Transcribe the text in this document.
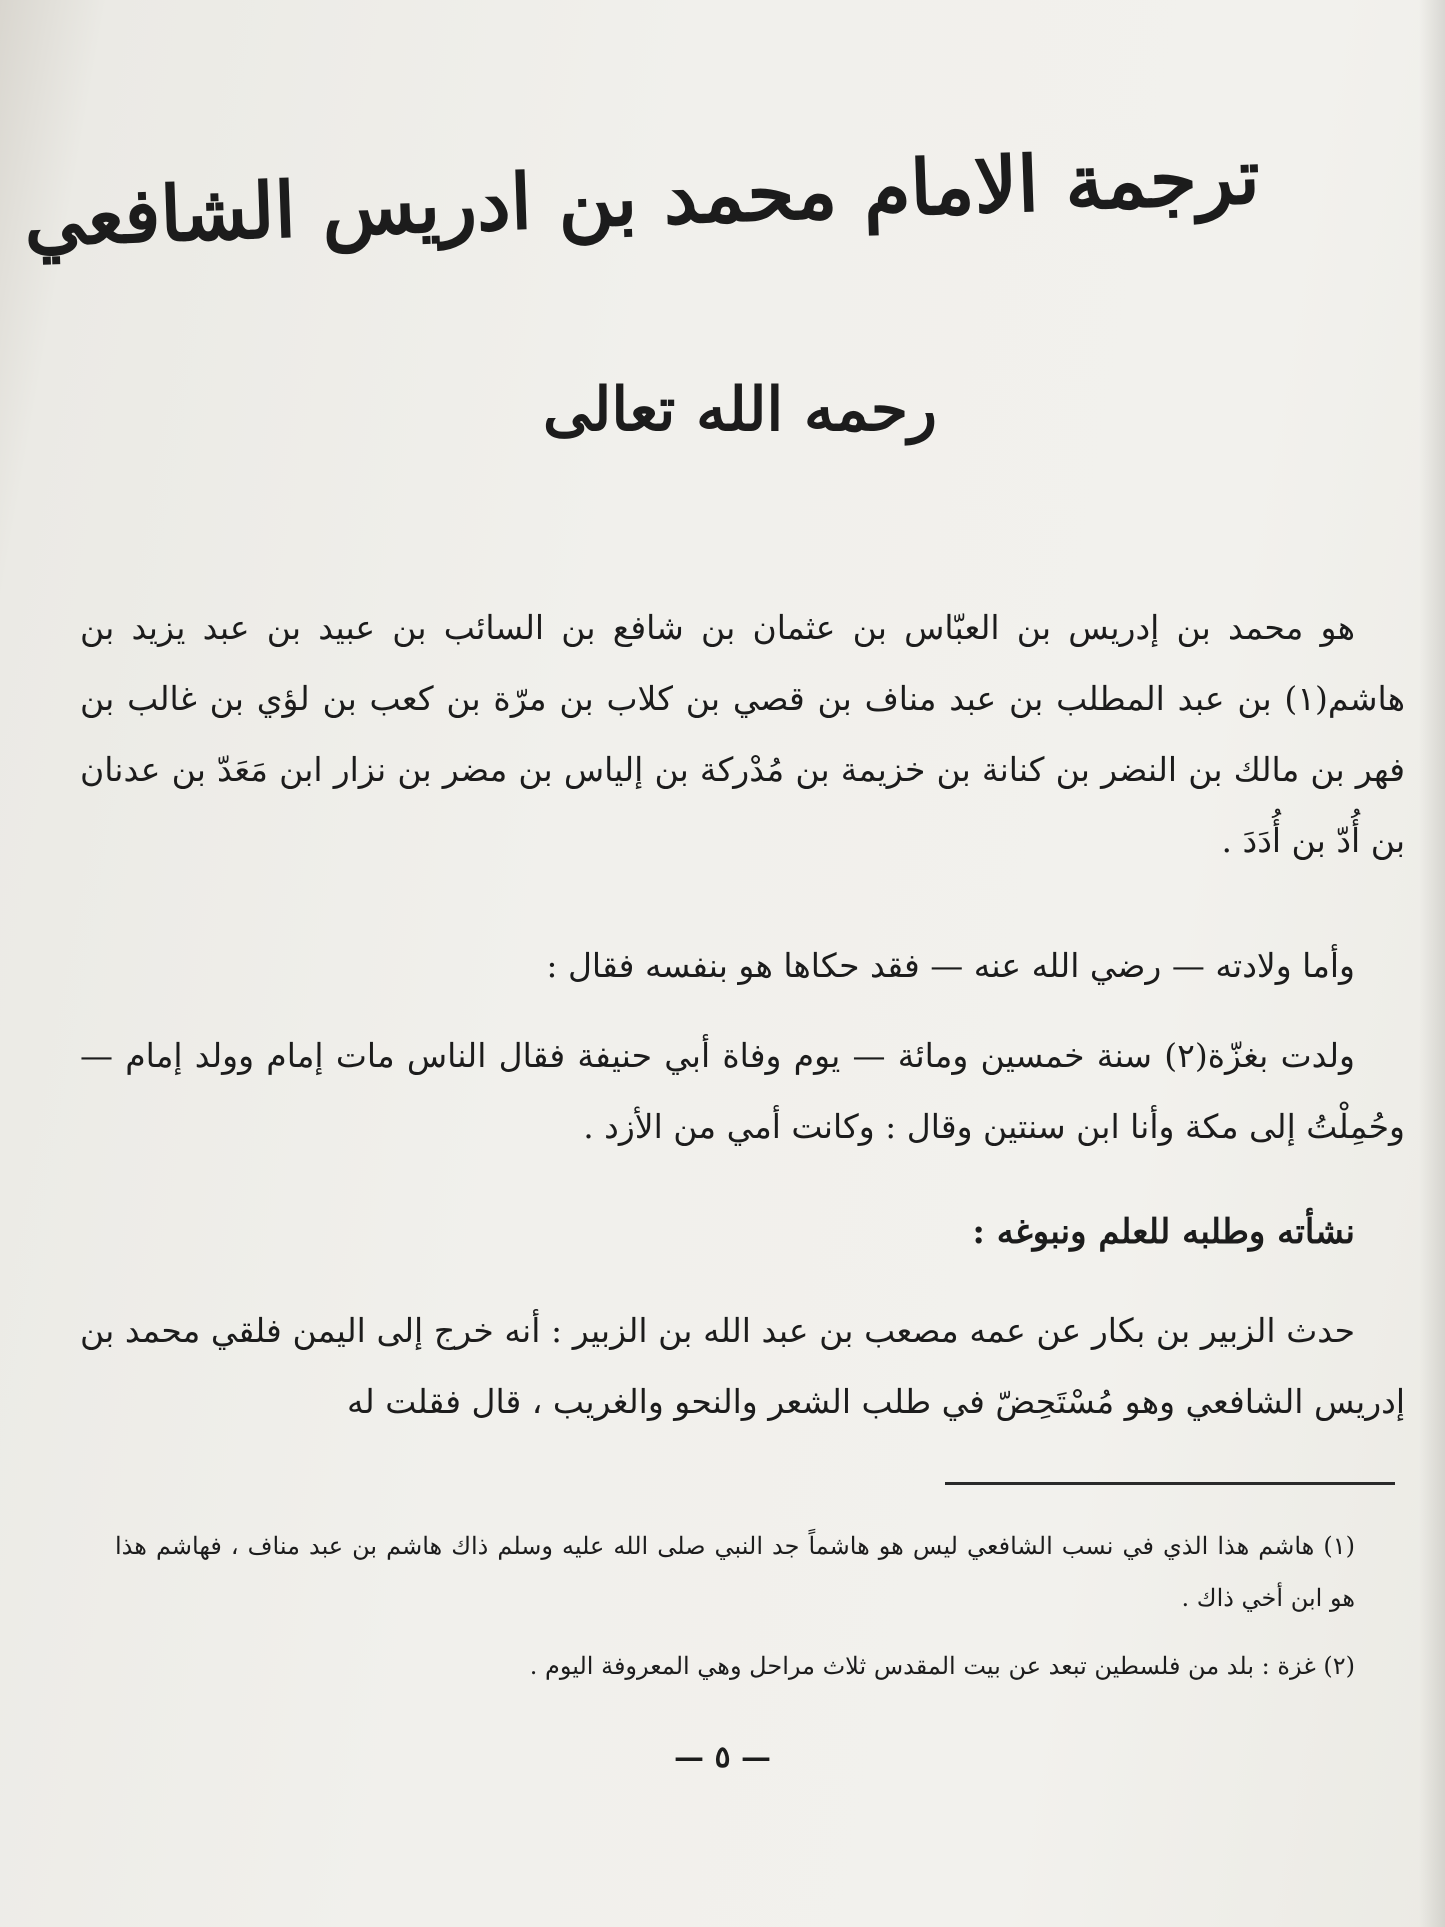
ترجمة الامام محمد بن ادريس الشافعي
رحمه الله تعالى

هو محمد بن إدريس بن العبّاس بن عثمان بن شافع بن السائب بن عبيد بن عبد يزيد بن هاشم(١) بن عبد المطلب بن عبد مناف بن قصي بن كلاب بن مرّة بن كعب بن لؤي بن غالب بن فهر بن مالك بن النضر بن كنانة بن خزيمة بن مُدْركة بن إلياس بن مضر بن نزار ابن مَعَدّ بن عدنان بن أُدّ بن أُدَدَ .

وأما ولادته — رضي الله عنه — فقد حكاها هو بنفسه فقال :

ولدت بغزّة(٢) سنة خمسين ومائة — يوم وفاة أبي حنيفة فقال الناس مات إمام وولد إمام — وحُمِلْتُ إلى مكة وأنا ابن سنتين وقال : وكانت أمي من الأزد .

نشأته وطلبه للعلم ونبوغه :

حدث الزبير بن بكار عن عمه مصعب بن عبد الله بن الزبير : أنه خرج إلى اليمن فلقي محمد بن إدريس الشافعي وهو مُسْتَحِضّ في طلب الشعر والنحو والغريب ، قال فقلت له

(١) هاشم هذا الذي في نسب الشافعي ليس هو هاشماً جد النبي صلى الله عليه وسلم ذاك هاشم بن عبد مناف ، فهاشم هذا هو ابن أخي ذاك .

(٢) غزة : بلد من فلسطين تبعد عن بيت المقدس ثلاث مراحل وهي المعروفة اليوم .

— ٥ —
